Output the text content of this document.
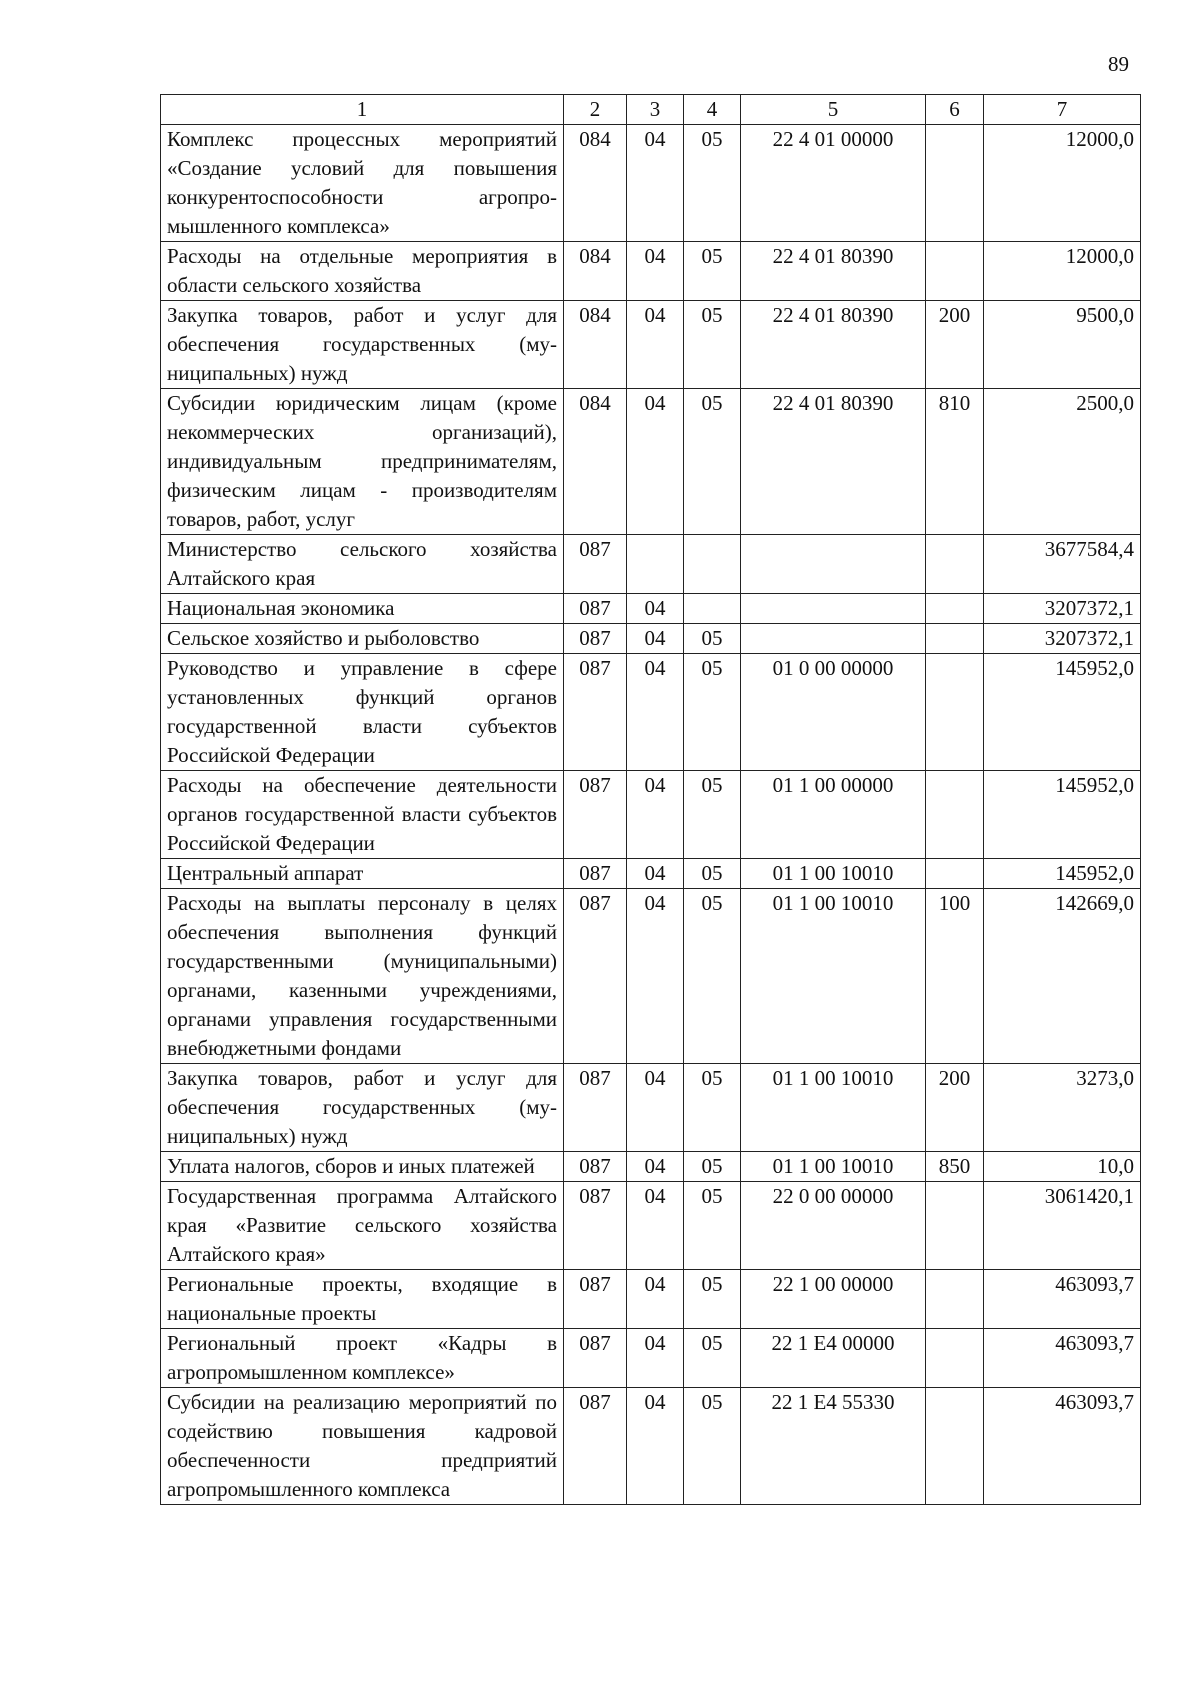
89
1	2	3	4	5	6	7
Комплекс процессных мероприятий «Создание условий для повышения конкурентоспособности агропромышленного комплекса»	084	04	05	22 4 01 00000		12000,0
Расходы на отдельные мероприятия в области сельского хозяйства	084	04	05	22 4 01 80390		12000,0
Закупка товаров, работ и услуг для обеспечения государственных (муниципальных) нужд	084	04	05	22 4 01 80390	200	9500,0
Субсидии юридическим лицам (кроме некоммерческих организаций), индивидуальным предпринимателям, физическим лицам - производителям товаров, работ, услуг	084	04	05	22 4 01 80390	810	2500,0
Министерство сельского хозяйства Алтайского края	087					3677584,4
Национальная экономика	087	04				3207372,1
Сельское хозяйство и рыболовство	087	04	05			3207372,1
Руководство и управление в сфере установленных функций органов государственной власти субъектов Российской Федерации	087	04	05	01 0 00 00000		145952,0
Расходы на обеспечение деятельности органов государственной власти субъектов Российской Федерации	087	04	05	01 1 00 00000		145952,0
Центральный аппарат	087	04	05	01 1 00 10010		145952,0
Расходы на выплаты персоналу в целях обеспечения выполнения функций государственными (муниципальными) органами, казенными учреждениями, органами управления государственными внебюджетными фондами	087	04	05	01 1 00 10010	100	142669,0
Закупка товаров, работ и услуг для обеспечения государственных (муниципальных) нужд	087	04	05	01 1 00 10010	200	3273,0
Уплата налогов, сборов и иных платежей	087	04	05	01 1 00 10010	850	10,0
Государственная программа Алтайского края «Развитие сельского хозяйства Алтайского края»	087	04	05	22 0 00 00000		3061420,1
Региональные проекты, входящие в национальные проекты	087	04	05	22 1 00 00000		463093,7
Региональный проект «Кадры в агропромышленном комплексе»	087	04	05	22 1 Е4 00000		463093,7
Субсидии на реализацию мероприятий по содействию повышения кадровой обеспеченности предприятий агропромышленного комплекса	087	04	05	22 1 Е4 55330		463093,7
